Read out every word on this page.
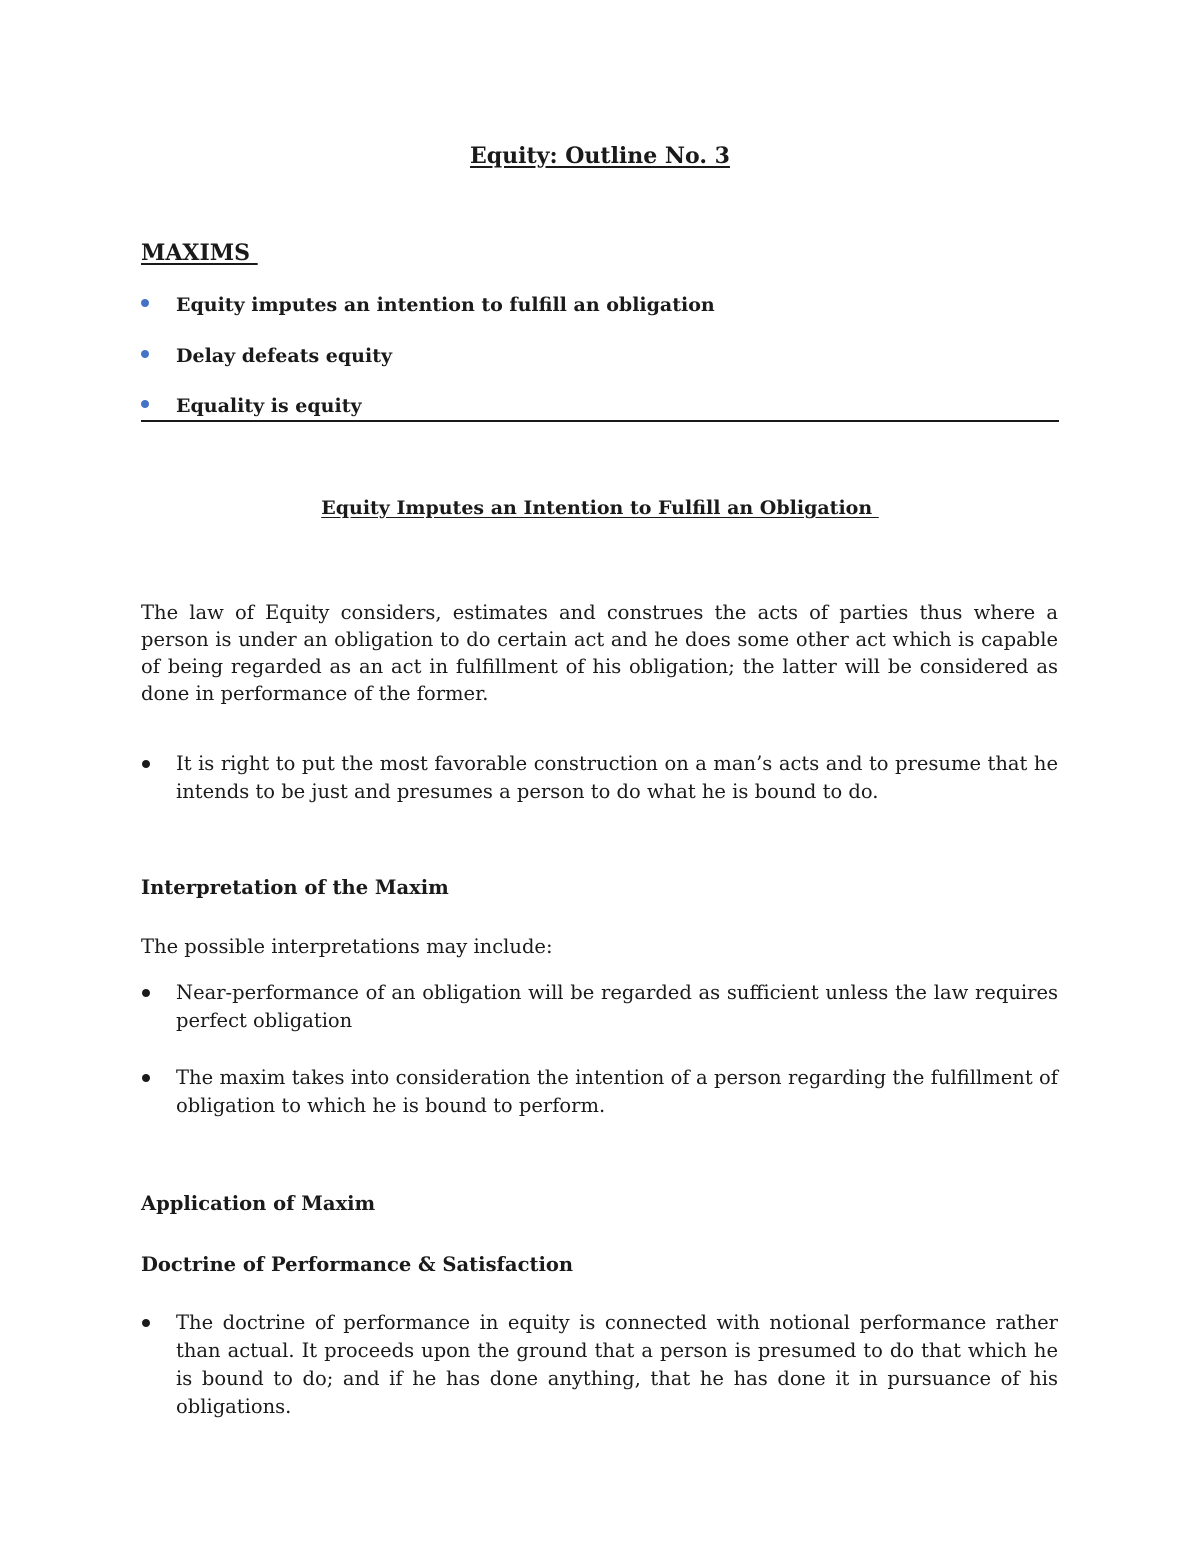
Equity: Outline No. 3
MAXIMS
Equity imputes an intention to fulfill an obligation
Delay defeats equity
Equality is equity
Equity Imputes an Intention to Fulfill an Obligation
The law of Equity considers, estimates and construes the acts of parties thus where a person is under an obligation to do certain act and he does some other act which is capable of being regarded as an act in fulfillment of his obligation; the latter will be considered as done in performance of the former.
It is right to put the most favorable construction on a man’s acts and to presume that he intends to be just and presumes a person to do what he is bound to do.
Interpretation of the Maxim
The possible interpretations may include:
Near-performance of an obligation will be regarded as sufficient unless the law requires perfect obligation
The maxim takes into consideration the intention of a person regarding the fulfillment of obligation to which he is bound to perform.
Application of Maxim
Doctrine of Performance & Satisfaction
The doctrine of performance in equity is connected with notional performance rather than actual. It proceeds upon the ground that a person is presumed to do that which he is bound to do; and if he has done anything, that he has done it in pursuance of his obligations.
